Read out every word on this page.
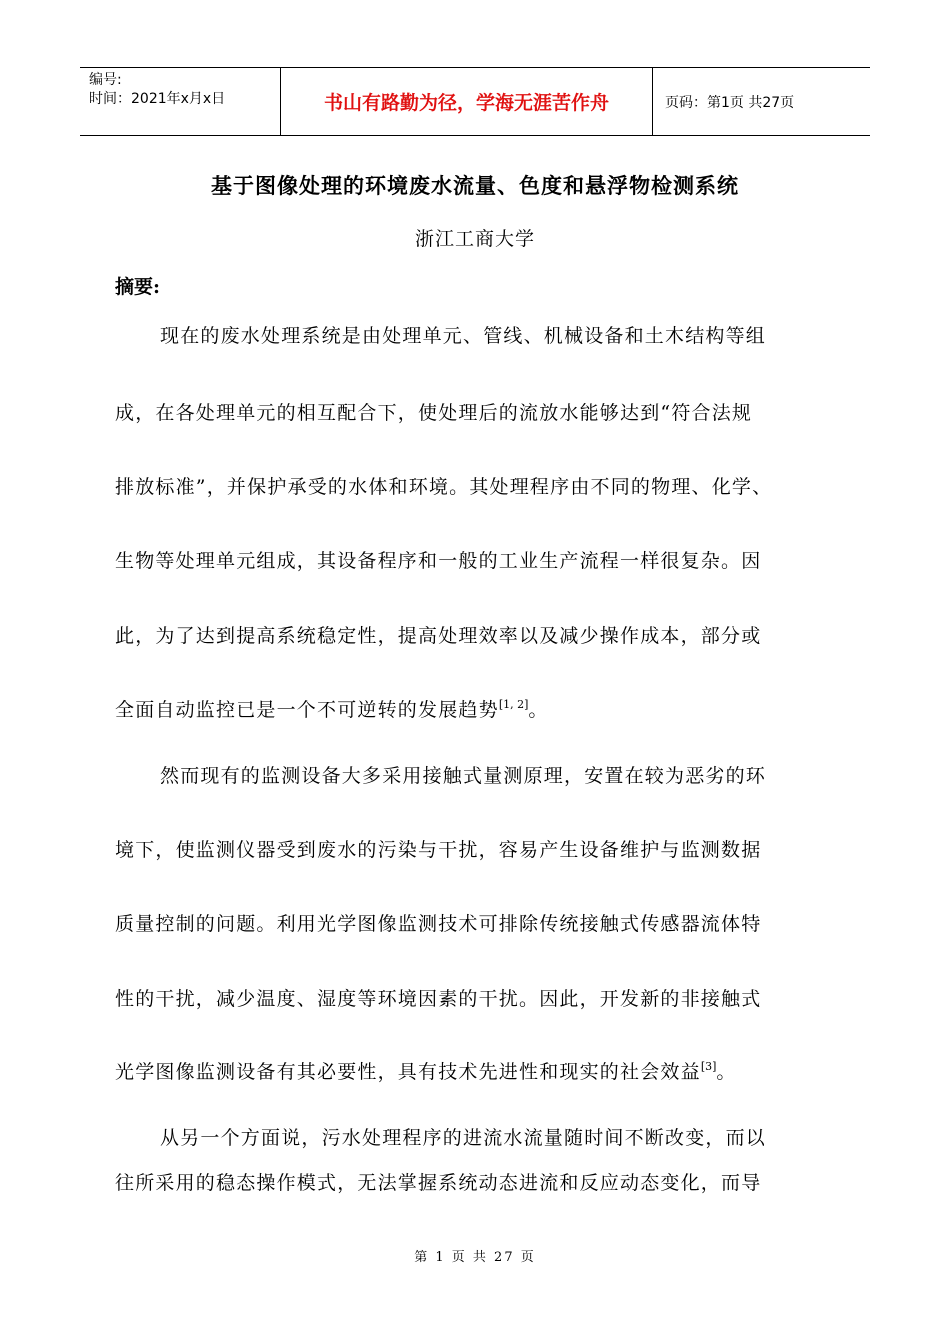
编号:
时间：2021年x月x日	书山有路勤为径，学海无涯苦作舟	页码：第1页 共27页
基于图像处理的环境废水流量、色度和悬浮物检测系统
浙江工商大学
摘要:
现在的废水处理系统是由处理单元、管线、机械设备和土木结构等组
成，在各处理单元的相互配合下，使处理后的流放水能够达到“符合法规
排放标准”，并保护承受的水体和环境。其处理程序由不同的物理、化学、
生物等处理单元组成，其设备程序和一般的工业生产流程一样很复杂。因
此，为了达到提高系统稳定性，提高处理效率以及减少操作成本，部分或
全面自动监控已是一个不可逆转的发展趋势[1, 2]。
然而现有的监测设备大多采用接触式量测原理，安置在较为恶劣的环
境下，使监测仪器受到废水的污染与干扰，容易产生设备维护与监测数据
质量控制的问题。利用光学图像监测技术可排除传统接触式传感器流体特
性的干扰，减少温度、湿度等环境因素的干扰。因此，开发新的非接触式
光学图像监测设备有其必要性，具有技术先进性和现实的社会效益[3]。
从另一个方面说，污水处理程序的进流水流量随时间不断改变，而以
往所采用的稳态操作模式，无法掌握系统动态进流和反应动态变化，而导
第 1 页 共 27 页
